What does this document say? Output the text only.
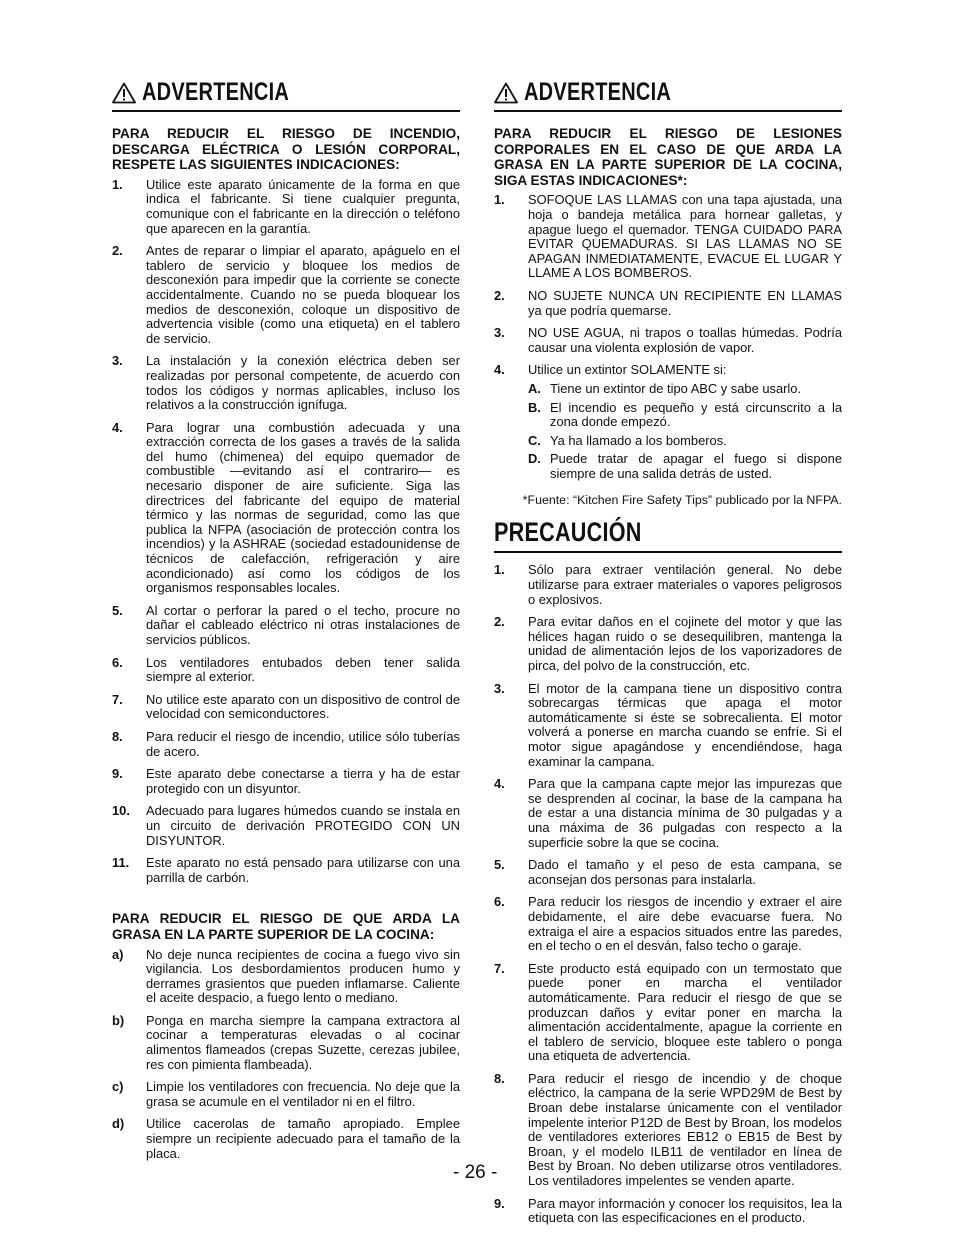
ADVERTENCIA
PARA REDUCIR EL RIESGO DE INCENDIO, DESCARGA ELÉCTRICA O LESIÓN CORPORAL, RESPETE LAS SIGUIENTES INDICACIONES:
1.	Utilice este aparato únicamente de la forma en que indica el fabricante. Si tiene cualquier pregunta, comunique con el fabricante en la dirección o teléfono que aparecen en la garantía.
2.	Antes de reparar o limpiar el aparato, apáguelo en el tablero de servicio y bloquee los medios de desconexión para impedir que la corriente se conecte accidentalmente. Cuando no se pueda bloquear los medios de desconexión, coloque un dispositivo de advertencia visible (como una etiqueta) en el tablero de servicio.
3.	La instalación y la conexión eléctrica deben ser realizadas por personal competente, de acuerdo con todos los códigos y normas aplicables, incluso los relativos a la construcción ignífuga.
4.	Para lograr una combustión adecuada y una extracción correcta de los gases a través de la salida del humo (chimenea) del equipo quemador de combustible —evitando así el contrariro— es necesario disponer de aire suficiente. Siga las directrices del fabricante del equipo de material térmico y las normas de seguridad, como las que publica la NFPA (asociación de protección contra los incendios) y la ASHRAE (sociedad estadounidense de técnicos de calefacción, refrigeración y aire acondicionado) así como los códigos de los organismos responsables locales.
5.	Al cortar o perforar la pared o el techo, procure no dañar el cableado eléctrico ni otras instalaciones de servicios públicos.
6.	Los ventiladores entubados deben tener salida siempre al exterior.
7.	No utilice este aparato con un dispositivo de control de velocidad con semiconductores.
8.	Para reducir el riesgo de incendio, utilice sólo tuberías de acero.
9.	Este aparato debe conectarse a tierra y ha de estar protegido con un disyuntor.
10.	Adecuado para lugares húmedos cuando se instala en un circuito de derivación PROTEGIDO CON UN DISYUNTOR.
11.	Este aparato no está pensado para utilizarse con una parrilla de carbón.
PARA REDUCIR EL RIESGO DE QUE ARDA LA GRASA EN LA PARTE SUPERIOR DE LA COCINA:
a)	No deje nunca recipientes de cocina a fuego vivo sin vigilancia. Los desbordamientos producen humo y derrames grasientos que pueden inflamarse. Caliente el aceite despacio, a fuego lento o mediano.
b)	Ponga en marcha siempre la campana extractora al cocinar a temperaturas elevadas o al cocinar alimentos flameados (crepas Suzette, cerezas jubilee, res con pimienta flambeada).
c)	Limpie los ventiladores con frecuencia. No deje que la grasa se acumule en el ventilador ni en el filtro.
d)	Utilice cacerolas de tamaño apropiado. Emplee siempre un recipiente adecuado para el tamaño de la placa.
ADVERTENCIA
PARA REDUCIR EL RIESGO DE LESIONES CORPORALES EN EL CASO DE QUE ARDA LA GRASA EN LA PARTE SUPERIOR DE LA COCINA, SIGA ESTAS INDICACIONES*:
1.	SOFOQUE LAS LLAMAS con una tapa ajustada, una hoja o bandeja metálica para hornear galletas, y apague luego el quemador. TENGA CUIDADO PARA EVITAR QUEMADURAS. SI LAS LLAMAS NO SE APAGAN INMEDIATAMENTE, EVACUE EL LUGAR Y LLAME A LOS BOMBEROS.
2.	NO SUJETE NUNCA UN RECIPIENTE EN LLAMAS ya que podría quemarse.
3.	NO USE AGUA, ni trapos o toallas húmedas. Podría causar una violenta explosión de vapor.
4.	Utilice un extintor SOLAMENTE si:
A. Tiene un extintor de tipo ABC y sabe usarlo.
B. El incendio es pequeño y está circunscrito a la zona donde empezó.
C. Ya ha llamado a los bomberos.
D. Puede tratar de apagar el fuego si dispone siempre de una salida detrás de usted.
*Fuente: “Kitchen Fire Safety Tips” publicado por la NFPA.
PRECAUCIÓN
1.	Sólo para extraer ventilación general. No debe utilizarse para extraer materiales o vapores peligrosos o explosivos.
2.	Para evitar daños en el cojinete del motor y que las hélices hagan ruido o se desequilibren, mantenga la unidad de alimentación lejos de los vaporizadores de pirca, del polvo de la construcción, etc.
3.	El motor de la campana tiene un dispositivo contra sobrecargas térmicas que apaga el motor automáticamente si éste se sobrecalienta. El motor volverá a ponerse en marcha cuando se enfríe. Si el motor sigue apagándose y encendiéndose, haga examinar la campana.
4.	Para que la campana capte mejor las impurezas que se desprenden al cocinar, la base de la campana ha de estar a una distancia mínima de 30 pulgadas y a una máxima de 36 pulgadas con respecto a la superficie sobre la que se cocina.
5.	Dado el tamaño y el peso de esta campana, se aconsejan dos personas para instalarla.
6.	Para reducir los riesgos de incendio y extraer el aire debidamente, el aire debe evacuarse fuera. No extraiga el aire a espacios situados entre las paredes, en el techo o en el desván, falso techo o garaje.
7.	Este producto está equipado con un termostato que puede poner en marcha el ventilador automáticamente. Para reducir el riesgo de que se produzcan daños y evitar poner en marcha la alimentación accidentalmente, apague la corriente en el tablero de servicio, bloquee este tablero o ponga una etiqueta de advertencia.
8.	Para reducir el riesgo de incendio y de choque eléctrico, la campana de la serie WPD29M de Best by Broan debe instalarse únicamente con el ventilador impelente interior P12D de Best by Broan, los modelos de ventiladores exteriores EB12 o EB15 de Best by Broan, y el modelo ILB11 de ventilador en línea de Best by Broan. No deben utilizarse otros ventiladores. Los ventiladores impelentes se venden aparte.
9.	Para mayor información y conocer los requisitos, lea la etiqueta con las especificaciones en el producto.
- 26 -
